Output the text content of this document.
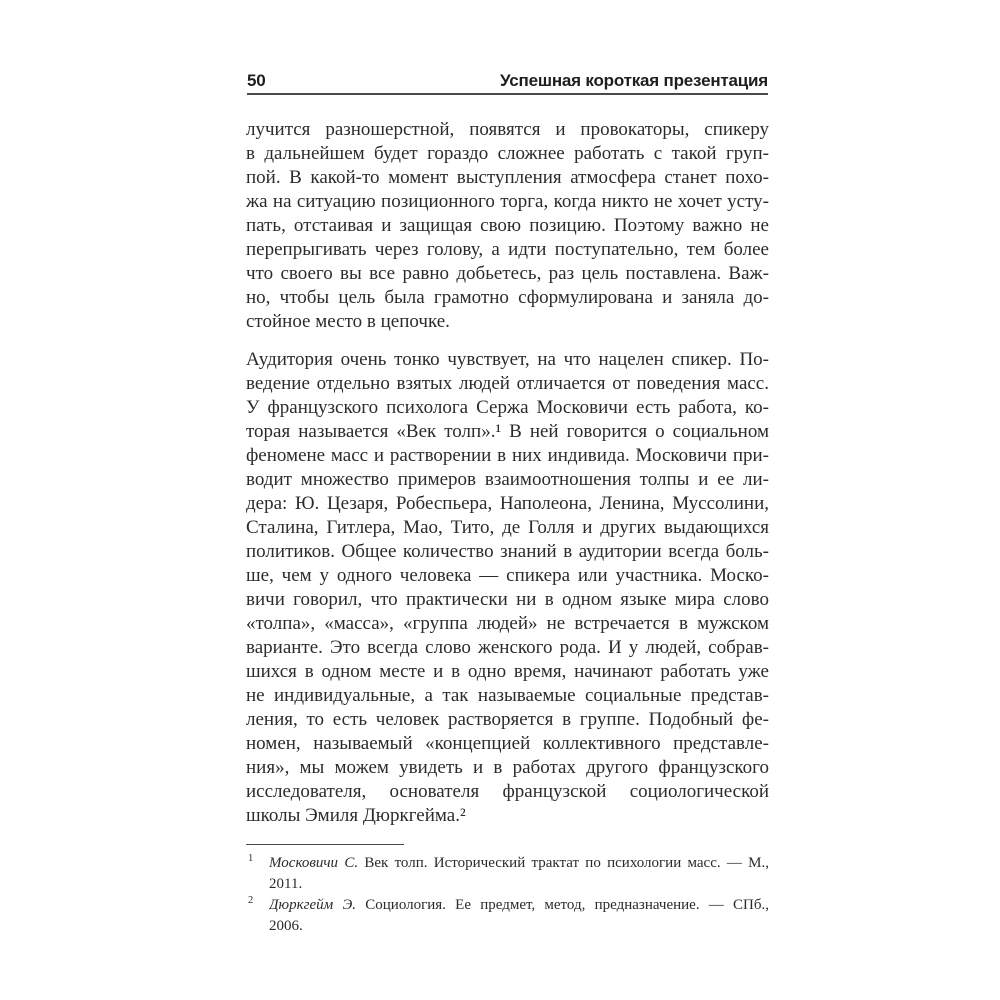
50	Успешная короткая презентация
лучится разношерстной, появятся и провокаторы, спикеру
в дальнейшем будет гораздо сложнее работать с такой груп-
пой. В какой-то момент выступления атмосфера станет похо-
жа на ситуацию позиционного торга, когда никто не хочет усту-
пать, отстаивая и защищая свою позицию. Поэтому важно не
перепрыгивать через голову, а идти поступательно, тем более
что своего вы все равно добьетесь, раз цель поставлена. Важ-
но, чтобы цель была грамотно сформулирована и заняла до-
стойное место в цепочке.
Аудитория очень тонко чувствует, на что нацелен спикер. По-
ведение отдельно взятых людей отличается от поведения масс.
У французского психолога Сержа Московичи есть работа, ко-
торая называется «Век толп».¹ В ней говорится о социальном
феномене масс и растворении в них индивида. Московичи при-
водит множество примеров взаимоотношения толпы и ее ли-
дера: Ю. Цезаря, Робеспьера, Наполеона, Ленина, Муссолини,
Сталина, Гитлера, Мао, Тито, де Голля и других выдающихся
политиков. Общее количество знаний в аудитории всегда боль-
ше, чем у одного человека — спикера или участника. Моско-
вичи говорил, что практически ни в одном языке мира слово
«толпа», «масса», «группа людей» не встречается в мужском
варианте. Это всегда слово женского рода. И у людей, собрав-
шихся в одном месте и в одно время, начинают работать уже
не индивидуальные, а так называемые социальные представ-
ления, то есть человек растворяется в группе. Подобный фе-
номен, называемый «концепцией коллективного представле-
ния», мы можем увидеть и в работах другого французского
исследователя, основателя французской социологической
школы Эмиля Дюркгейма.²
1 Московичи С. Век толп. Исторический трактат по психологии масс. — М.,
2011.
2 Дюркгейм Э. Социология. Ее предмет, метод, предназначение. — СПб.,
2006.
